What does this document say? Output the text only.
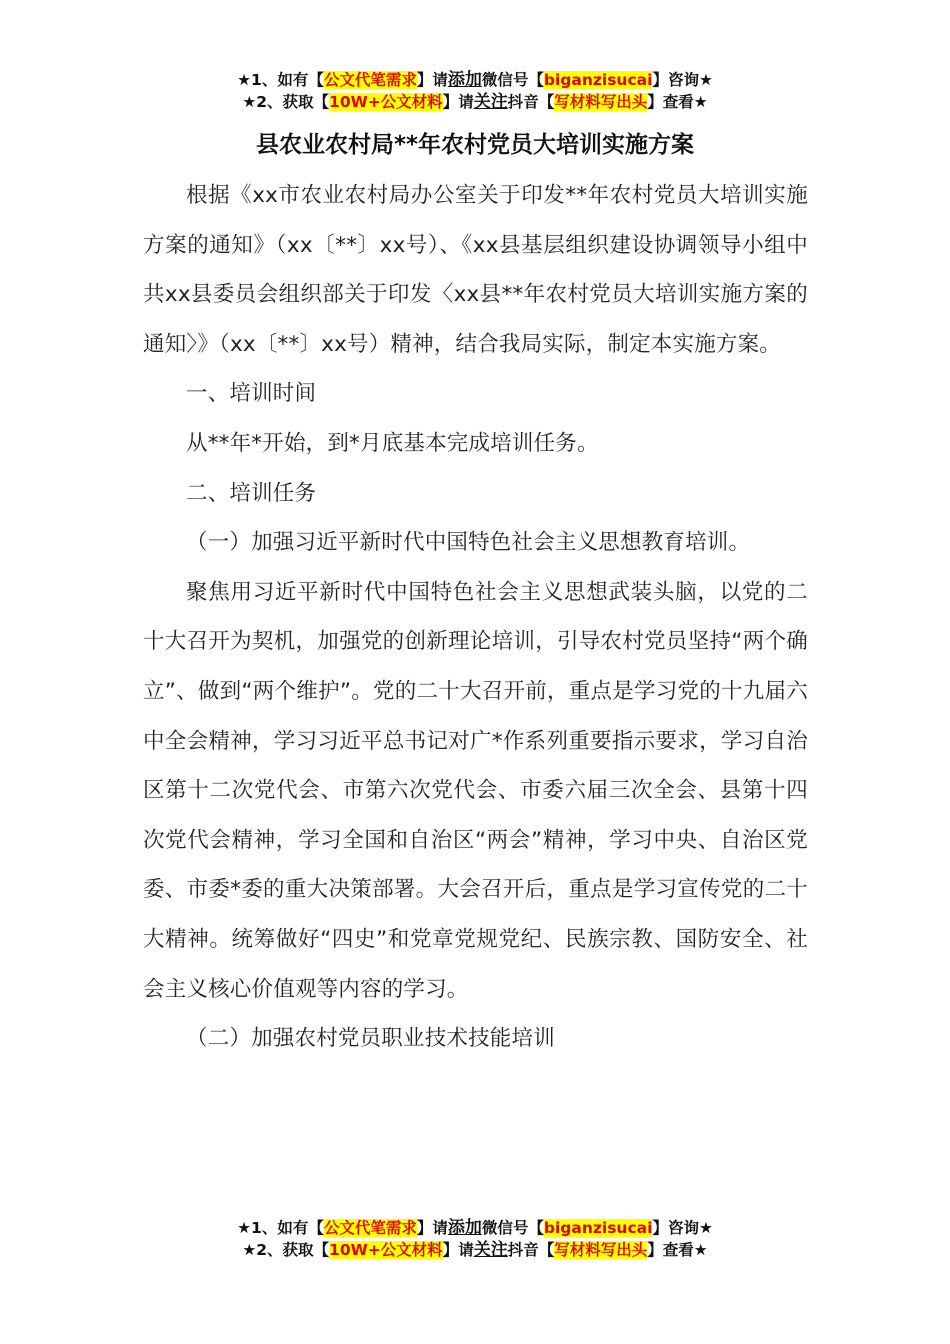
★1、如有【公文代笔需求】请添加微信号【biganzisucai】咨询★
★2、获取【10W+公文材料】请关注抖音【写材料写出头】查看★
县农业农村局**年农村党员大培训实施方案

根据《xx市农业农村局办公室关于印发**年农村党员大培训实施方案的通知》（xx〔**〕xx号）、《xx县基层组织建设协调领导小组中共xx县委员会组织部关于印发〈xx县**年农村党员大培训实施方案的通知〉》（xx〔**〕xx号）精神，结合我局实际，制定本实施方案。

一、培训时间

从**年*开始，到*月底基本完成培训任务。

二、培训任务

（一）加强习近平新时代中国特色社会主义思想教育培训。

聚焦用习近平新时代中国特色社会主义思想武装头脑，以党的二十大召开为契机，加强党的创新理论培训，引导农村党员坚持“两个确立”、做到“两个维护”。党的二十大召开前，重点是学习党的十九届六中全会精神，学习习近平总书记对广*作系列重要指示要求，学习自治区第十二次党代会、市第六次党代会、市委六届三次全会、县第十四次党代会精神，学习全国和自治区“两会”精神，学习中央、自治区党委、市委*委的重大决策部署。大会召开后，重点是学习宣传党的二十大精神。统筹做好“四史”和党章党规党纪、民族宗教、国防安全、社会主义核心价值观等内容的学习。

（二）加强农村党员职业技术技能培训

★1、如有【公文代笔需求】请添加微信号【biganzisucai】咨询★
★2、获取【10W+公文材料】请关注抖音【写材料写出头】查看★
